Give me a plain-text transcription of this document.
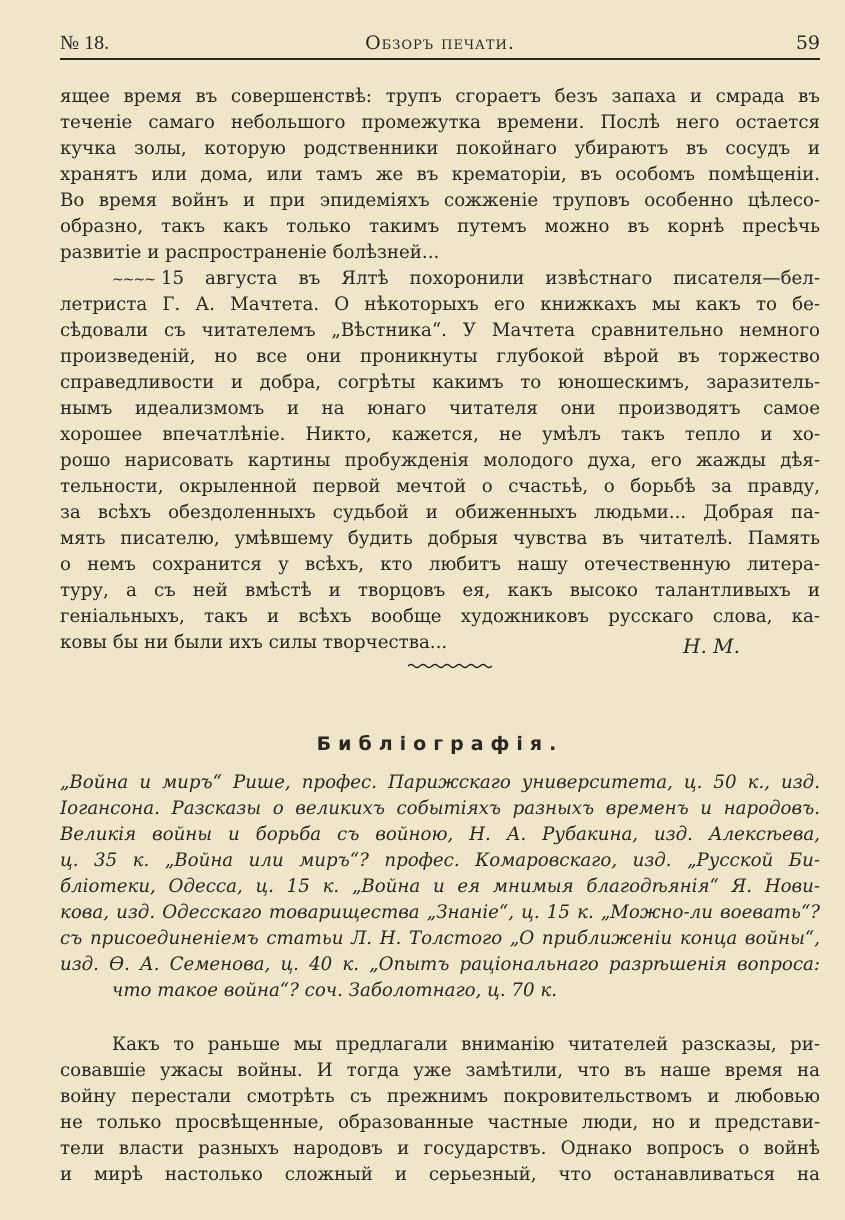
№ 18.	Обзоръ печати.	59
ящее время въ совершенствѣ: трупъ сгораетъ безъ запаха и смрада въ
теченіе самаго небольшого промежутка времени. Послѣ него остается
кучка золы, которую родственники покойнаго убираютъ въ сосудъ и
хранятъ или дома, или тамъ же въ крематоріи, въ особомъ помѣщеніи.
Во время войнъ и при эпидеміяхъ сожженіе труповъ особенно цѣлесо-
образно, такъ какъ только такимъ путемъ можно въ корнѣ пресѣчь
развитіе и распространеніе болѣзней...
~~~~ 15 августа въ Ялтѣ похоронили извѣстнаго писателя—бел-
летриста Г. А. Мачтета. О нѣкоторыхъ его книжкахъ мы какъ то бе-
сѣдовали съ читателемъ „Вѣстника“. У Мачтета сравнительно немного
произведеній, но все они проникнуты глубокой вѣрой въ торжество
справедливости и добра, согрѣты какимъ то юношескимъ, заразитель-
нымъ идеализмомъ и на юнаго читателя они производятъ самое
хорошее впечатлѣніе. Никто, кажется, не умѣлъ такъ тепло и хо-
рошо нарисовать картины пробужденія молодого духа, его жажды дѣя-
тельности, окрыленной первой мечтой о счастьѣ, о борьбѣ за правду,
за всѣхъ обездоленныхъ судьбой и обиженныхъ людьми... Добрая па-
мять писателю, умѣвшему будить добрыя чувства въ читателѣ. Память
о немъ сохранится у всѣхъ, кто любитъ нашу отечественную литера-
туру, а съ ней вмѣстѣ и творцовъ ея, какъ высоко талантливыхъ и
геніальныхъ, такъ и всѣхъ вообще художниковъ русскаго слова, ка-
ковы бы ни были ихъ силы творчества...	Н. М.
Библіографія.
„Война и миръ“ Рише, профес. Парижскаго университета, ц. 50 к., изд.
Іогансона. Разсказы о великихъ событіяхъ разныхъ временъ и народовъ.
Великія войны и борьба съ войною, Н. А. Рубакина, изд. Алексѣева,
ц. 35 к. „Война или миръ“? профес. Комаровскаго, изд. „Русской Би-
бліотеки, Одесса, ц. 15 к. „Война и ея мнимыя благодѣянія“ Я. Нови-
кова, изд. Одесскаго товарищества „Знаніе“, ц. 15 к. „Можно-ли воевать“?
съ присоединеніемъ статьи Л. Н. Толстого „О приближеніи конца войны“,
изд. Ѳ. А. Семенова, ц. 40 к. „Опытъ раціональнаго разрѣшенія вопроса:
что такое война“? соч. Заболотнаго, ц. 70 к.
Какъ то раньше мы предлагали вниманію читателей разсказы, ри-
совавшіе ужасы войны. И тогда уже замѣтили, что въ наше время на
войну перестали смотрѣть съ прежнимъ покровительствомъ и любовью
не только просвѣщенные, образованные частные люди, но и представи-
тели власти разныхъ народовъ и государствъ. Однако вопросъ о войнѣ
и мирѣ настолько сложный и серьезный, что останавливаться на
